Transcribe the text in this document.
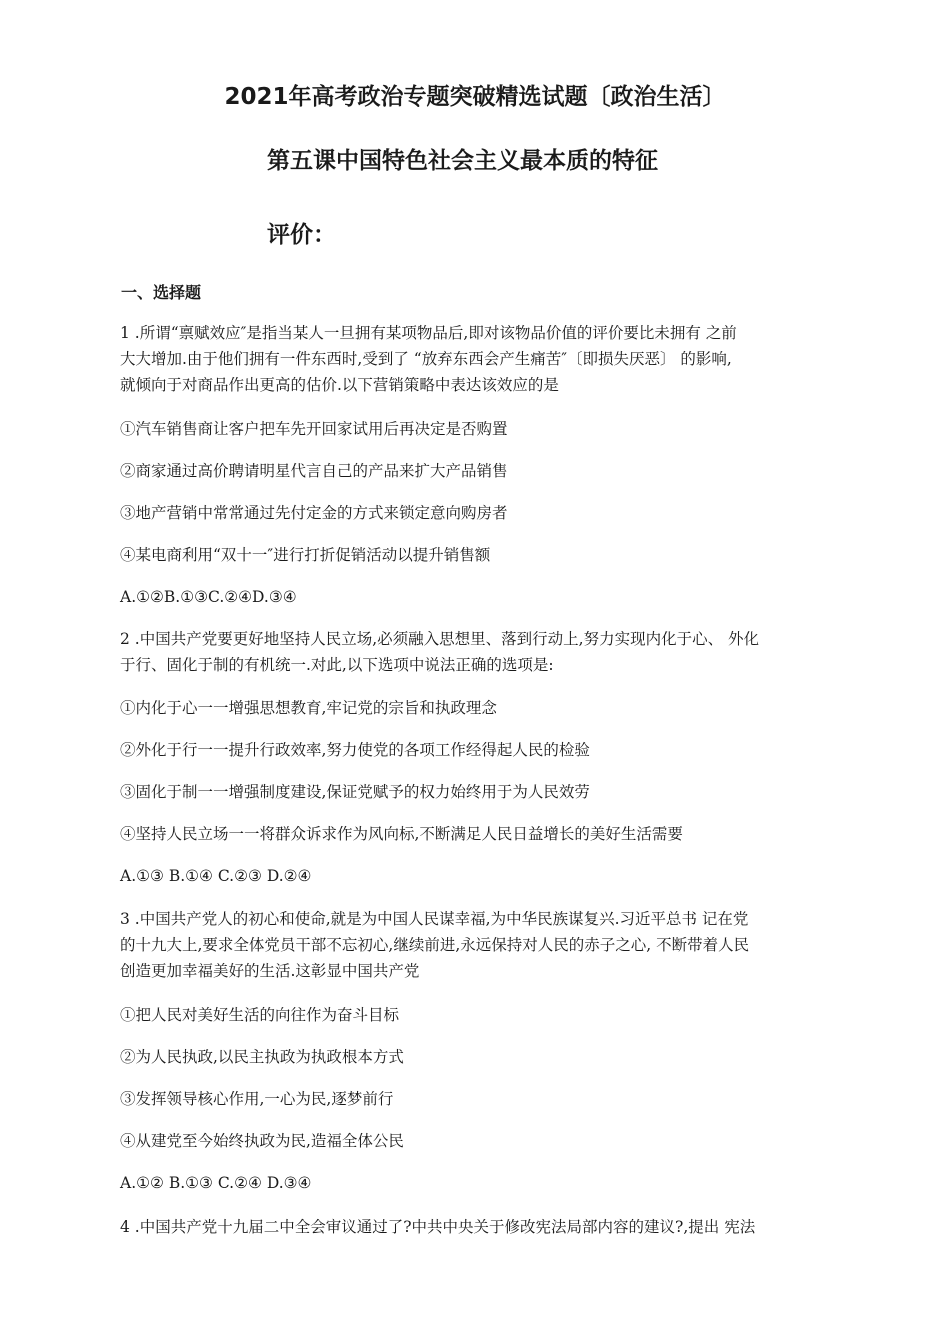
2021年高考政治专题突破精选试题〔政治生活〕
第五课中国特色社会主义最本质的特征
评价：
一、选择题
1 .所谓“禀赋效应″是指当某人一旦拥有某项物品后,即对该物品价值的评价要比未拥有 之前
大大增加.由于他们拥有一件东西时,受到了 “放弃东西会产生痛苦″〔即损失厌恶〕 的影响,
就倾向于对商品作出更高的估价.以下营销策略中表达该效应的是
①汽车销售商让客户把车先开回家试用后再决定是否购置
②商家通过高价聘请明星代言自己的产品来扩大产品销售
③地产营销中常常通过先付定金的方式来锁定意向购房者
④某电商利用“双十一″进行打折促销活动以提升销售额
A.①②B.①③C.②④D.③④
2 .中国共产党要更好地坚持人民立场,必须融入思想里、落到行动上,努力实现内化于心、 外化
于行、固化于制的有机统一.对此,以下选项中说法正确的选项是:
①内化于心一一增强思想教育,牢记党的宗旨和执政理念
②外化于行一一提升行政效率,努力使党的各项工作经得起人民的检验
③固化于制一一增强制度建设,保证党赋予的权力始终用于为人民效劳
④坚持人民立场一一将群众诉求作为风向标,不断满足人民日益增长的美好生活需要
A.①③ B.①④ C.②③ D.②④
3 .中国共产党人的初心和使命,就是为中国人民谋幸福,为中华民族谋复兴.习近平总书 记在党
的十九大上,要求全体党员干部不忘初心,继续前进,永远保持对人民的赤子之心, 不断带着人民
创造更加幸福美好的生活.这彰显中国共产党
①把人民对美好生活的向往作为奋斗目标
②为人民执政,以民主执政为执政根本方式
③发挥领导核心作用,一心为民,逐梦前行
④从建党至今始终执政为民,造福全体公民
A.①② B.①③ C.②④ D.③④
4 .中国共产党十九届二中全会审议通过了?中共中央关于修改宪法局部内容的建议?,提出 宪法
